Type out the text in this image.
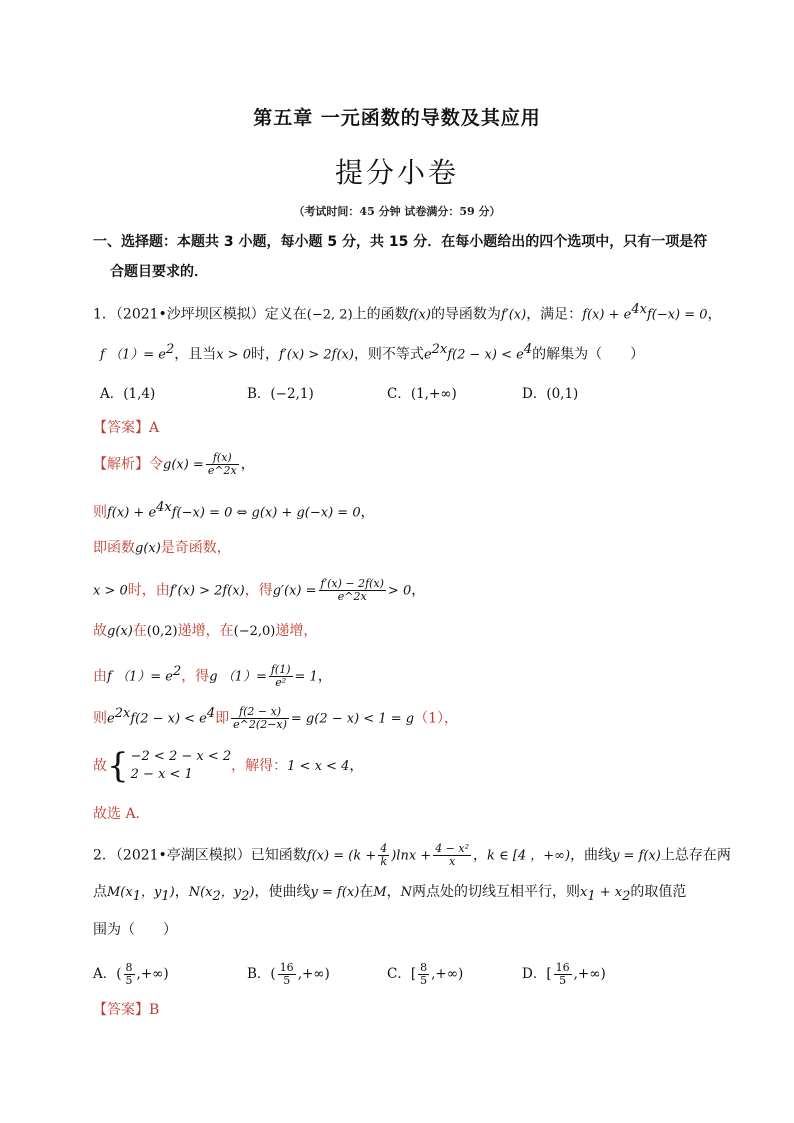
第五章 一元函数的导数及其应用
提分小卷
（考试时间：45 分钟 试卷满分：59 分）
一、选择题：本题共 3 小题，每小题 5 分，共 15 分．在每小题给出的四个选项中，只有一项是符
合题目要求的．
1．（2021•沙坪坝区模拟）定义在(−2, 2)上的函数f(x)的导函数为f′(x)，满足：$f(x) + e^{4x}f(-x) = 0$，
f $(1)= e^2$，且当x > 0时，f′(x) > 2f(x)，则不等式$e^{2x}f(2 - x) < e^4$的解集为（　　）
A．(1,4)	B．(−2,1)	C．(1,+∞)	D．(0,1)
【答案】A
【解析】令$g(x) = \frac{f(x)}{e\^{}2x}$ ，
则$f(x) + e^{4x}f(-x) = 0$ ⇔ g(x) + g(−x) = 0，
即函数g(x)是奇函数，
x > 0时，由f′(x) > 2f(x)，得$g'(x) = \frac{f'(x) - 2f(x)}{e\^{}2x} > 0$，
故g(x)在(0,2)递增，在(−2,0)递增，
由f $(1)= e^2$，得g $(1)= \frac{f(1)}{\text{e²}} = 1$，
则$e^{2x}f(2 - x) < e^4$即 $\frac{f(2 - x)}{e\^{}2(2-x)} = g(2 - x) < 1 = g(1)$，
故{ −2 < 2 − x < 2
2 − x < 1
，解得：1 < x < 4，
故选 A．
2．（2021•亭湖区模拟）已知函数$f(x) = (k + \frac{4}{k} )\ln x + \frac{\text{4 − x²}}{x}$ ，k ∈ [4 ，+∞)，曲线y = f(x)上总存在两
点$M(x_1$，$y_1$)，$N(x_2$，$y_2$)，使曲线y = f(x)在M，N两点处的切线互相平行，则$x_1 + x_2$的取值范
围为（　　）
A．( $\frac{8}{5}$ ,+∞)	B．( $\frac{16}{5}$ ,+∞)	C．[ $\frac{8}{5}$ ,+∞)	D．[ $\frac{16}{5}$ ,+∞)
【答案】B
